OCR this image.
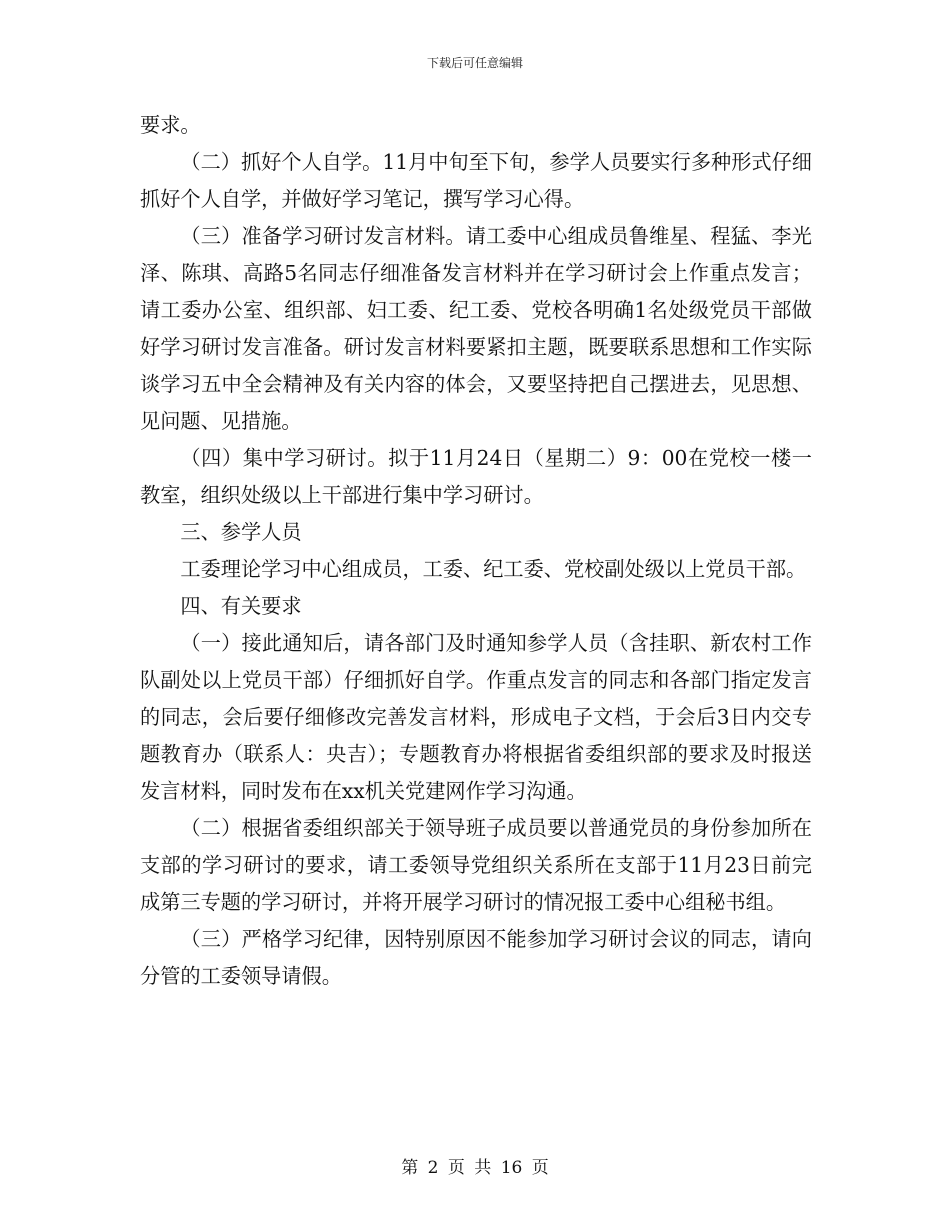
下载后可任意编辑

要求。

（二）抓好个人自学。11月中旬至下旬，参学人员要实行多种形式仔细抓好个人自学，并做好学习笔记，撰写学习心得。

（三）准备学习研讨发言材料。请工委中心组成员鲁维星、程猛、李光泽、陈琪、高路5名同志仔细准备发言材料并在学习研讨会上作重点发言；请工委办公室、组织部、妇工委、纪工委、党校各明确1名处级党员干部做好学习研讨发言准备。研讨发言材料要紧扣主题，既要联系思想和工作实际谈学习五中全会精神及有关内容的体会，又要坚持把自己摆进去，见思想、见问题、见措施。

（四）集中学习研讨。拟于11月24日（星期二）9：00在党校一楼一教室，组织处级以上干部进行集中学习研讨。

三、参学人员

工委理论学习中心组成员，工委、纪工委、党校副处级以上党员干部。

四、有关要求

（一）接此通知后，请各部门及时通知参学人员（含挂职、新农村工作队副处以上党员干部）仔细抓好自学。作重点发言的同志和各部门指定发言的同志，会后要仔细修改完善发言材料，形成电子文档，于会后3日内交专题教育办（联系人：央吉）；专题教育办将根据省委组织部的要求及时报送发言材料，同时发布在xx机关党建网作学习沟通。

（二）根据省委组织部关于领导班子成员要以普通党员的身份参加所在支部的学习研讨的要求，请工委领导党组织关系所在支部于11月23日前完成第三专题的学习研讨，并将开展学习研讨的情况报工委中心组秘书组。

（三）严格学习纪律，因特别原因不能参加学习研讨会议的同志，请向分管的工委领导请假。

第 2 页 共 16 页
